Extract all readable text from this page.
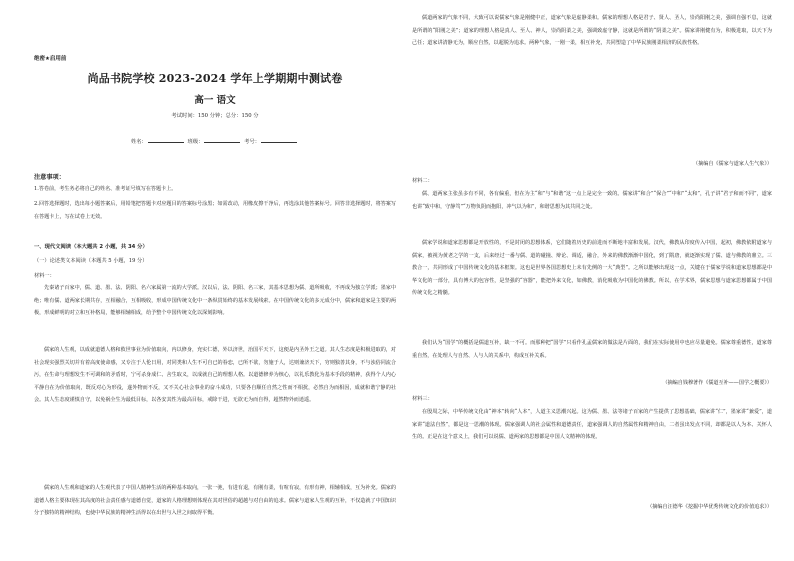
绝密★启用前
尚品书院学校 2023-2024 学年上学期期中测试卷
高一 语文
考试时间：150 分钟；总分：150 分
姓名：	班级：	考号：
注意事项：
1.答卷前，考生务必将自己的姓名、准考证号填写在答题卡上。
2.回答选择题时，选出每小题答案后，用铅笔把答题卡对应题目的答案标号涂黑；如需改动，用橡皮擦干净后，再选涂其他答案标号。回答非选择题时，将答案写在答题卡上，写在试卷上无效。
一、现代文阅读（本大题共 2 小题，共 34 分）
（一）论述类文本阅读（本题共 5 小题，19 分）
材料一：
先秦诸子百家中，儒、道、墨、法、阴阳、名六家属第一流的大学派。汉以后，法、阴阳、名三家，其基本思想为儒、道所吸收，不再成为独立学派；墨家中绝；唯有儒、道两家长期共存，互相融合，互相吸收，形成中国传统文化中一条纵贯始终的基本发展线索。在中国传统文化的多元成分中，儒家和道家是主要的两极，形成鲜明的对立和互补格局，能够相辅相成，给予整个中国传统文化以深刻影响。
儒家的人生观，以成就道德人格和救世事业为价值取向，内以修身，充实仁德，外以济世，治国平天下，这便是内圣外王之道。其人生态度是积极进取的，对社会现实强烈关切并有着高度使命感，又专注于人伦日用，对同类和人生不可自已的眷恋，已所不欲，勿施于人，达则兼济天下，穷则独善其身，不与浊俗同流合污，在生命与理想发生不可调和的矛盾时，宁可杀身成仁、舍生取义，以成就自己的理想人格。以道德修养为核心，以礼乐教化为基本手段的精神，获得个人内心平静自在为价值取向，既反对心为形役，遂外物而不反，又不关心社会事业的奋斗成功，只要各自顺任自然之性而不相扰，必然自为而相因，成就和谐宁静的社会。其人生态度谨慎自守，以免祸全生为最低目标，以各安其性为最高目标，戒除干进，无欲无为而自得，超然物外而逍遥。
儒家的人生观和道家的人生观代表了中国人精神生活的两种基本取向，一张一弛，有进有退，有刚有柔，有喧有寂，有形有神，相辅相成，互为补充。儒家的道德人格主要体现在其高度的社会责任感与道德自觉，道家的人格理想则体现在其对世俗的超越与对自由的追求。儒家与道家人生观的互补，不仅造就了中国知识分子独特的精神结构，也使中华民族的精神生活得以在出世与入世之间取得平衡。
儒道两家的气象不同，大致可以说儒家气象是刚健中正，道家气象是虚静柔和。儒家的理想人格是君子、贤人、圣人，崇尚阳刚之美，强调自强不息，这就是所谓的“阳刚之美”；道家的理想人格是真人、至人、神人，崇尚阴柔之美，强调致虚守静，这就是所谓的“阴柔之美”。儒家讲刚健有为，积极进取，以天下为己任；道家讲清静无为，顺应自然，以超脱为追求。两种气象，一刚一柔，相互补充，共同塑造了中华民族刚柔相济的民族性格。
（摘编自《儒家与道家人生气象》）
材料二：
儒、道两家主张虽多有不同，各有偏重，但在为主“和”与“和谐”这一点上是完全一致的。儒家讲“和合”“保合”“中和”“太和”，孔子讲“君子和而不同”，道家也讲“致中和，守静笃”“万物负阴而抱阳，冲气以为和”，和谐思想为其共同之处。
儒家学说和道家思想都是开放性的，不是封闭的思想体系，它们随着历史的前进而不断地丰富和发展。汉代，佛教从印度传入中国，起初，佛教依附道家与儒家，被视为黄老之学的一支，后来经过一番与儒、道的碰撞、辩论、调适，融合，外来的佛教渐渐中国化，到了隋唐，就逐渐实现了儒、道与佛教的鼎立。三教合一，共同形成了中国传统文化的基本框架。这也是世界各国思想史上未有先例的一大“典型”。之所以能够出现这一点，关键在于儒家学说和道家思想都是中华文化的一部分，具有博大的包容性，是坚强的“容器”，能把外来文化，如佛教，消化吸收为中国化的佛教。所以，在学术界，儒家思想与道家思想都属于中国传统文化之精髓。
我们认为“国学”的概括是儒道互补，缺一不可。而那种把“国学”只看作孔孟儒家的做法是片面的，我们在实际使用中也应尽量避免。儒家尊重德性，道家尊重自然，在处理人与自然、人与人的关系中，构成互补关系。
（摘编自钱穆著作《儒道互补——国学之概要》）
材料三：
在殷周之际，中华传统文化由“神本”转向“人本”，人道主义思潮兴起。这为儒、墨、法等诸子百家的产生提供了思想基础，儒家讲“仁”，墨家讲“兼爱”，道家讲“道法自然”，都是这一思潮的体现。儒家强调人的社会属性和道德责任，道家强调人的自然属性和精神自由，二者虽出发点不同，却都是以人为本、关怀人生的。正是在这个意义上，我们可以说儒、道两家的思想都是中国人文精神的体现。
（摘编自汪德华《挖掘中华优秀传统文化的价值追求》）
